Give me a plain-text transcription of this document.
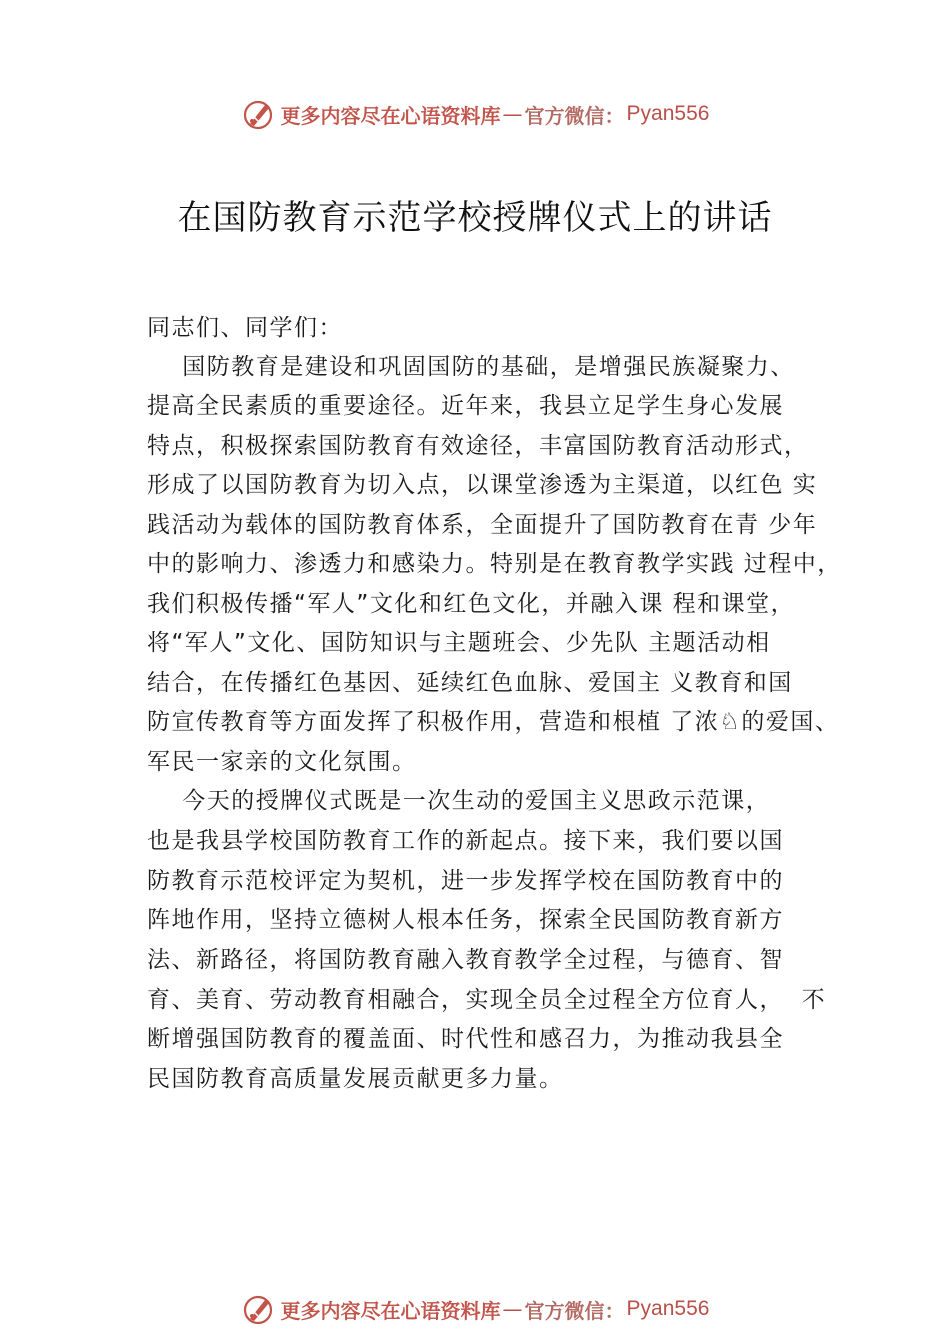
更多内容尽在心语资料库 — 官方微信： Pyan556
在国防教育示范学校授牌仪式上的讲话
同志们、同学们：
国防教育是建设和巩固国防的基础，是增强民族凝聚力、
提高全民素质的重要途径。近年来，我县立足学生身心发展
特点，积极探索国防教育有效途径，丰富国防教育活动形式，
形成了以国防教育为切入点，以课堂渗透为主渠道，以红色 实
践活动为载体的国防教育体系，全面提升了国防教育在青 少年
中的影响力、渗透力和感染力。特别是在教育教学实践 过程中，
我们积极传播“军人”文化和红色文化，并融入课 程和课堂，
将“军人”文化、国防知识与主题班会、少先队 主题活动相
结合，在传播红色基因、延续红色血脉、爱国主 义教育和国
防宣传教育等方面发挥了积极作用，营造和根植 了浓♘的爱国、
军民一家亲的文化氛围。
今天的授牌仪式既是一次生动的爱国主义思政示范课，
也是我县学校国防教育工作的新起点。接下来，我们要以国
防教育示范校评定为契机，进一步发挥学校在国防教育中的
阵地作用，坚持立德树人根本任务，探索全民国防教育新方
法、新路径，将国防教育融入教育教学全过程，与德育、智
育、美育、劳动教育相融合，实现全员全过程全方位育人，  不
断增强国防教育的覆盖面、时代性和感召力，为推动我县全
民国防教育高质量发展贡献更多力量。
更多内容尽在心语资料库 — 官方微信： Pyan556
